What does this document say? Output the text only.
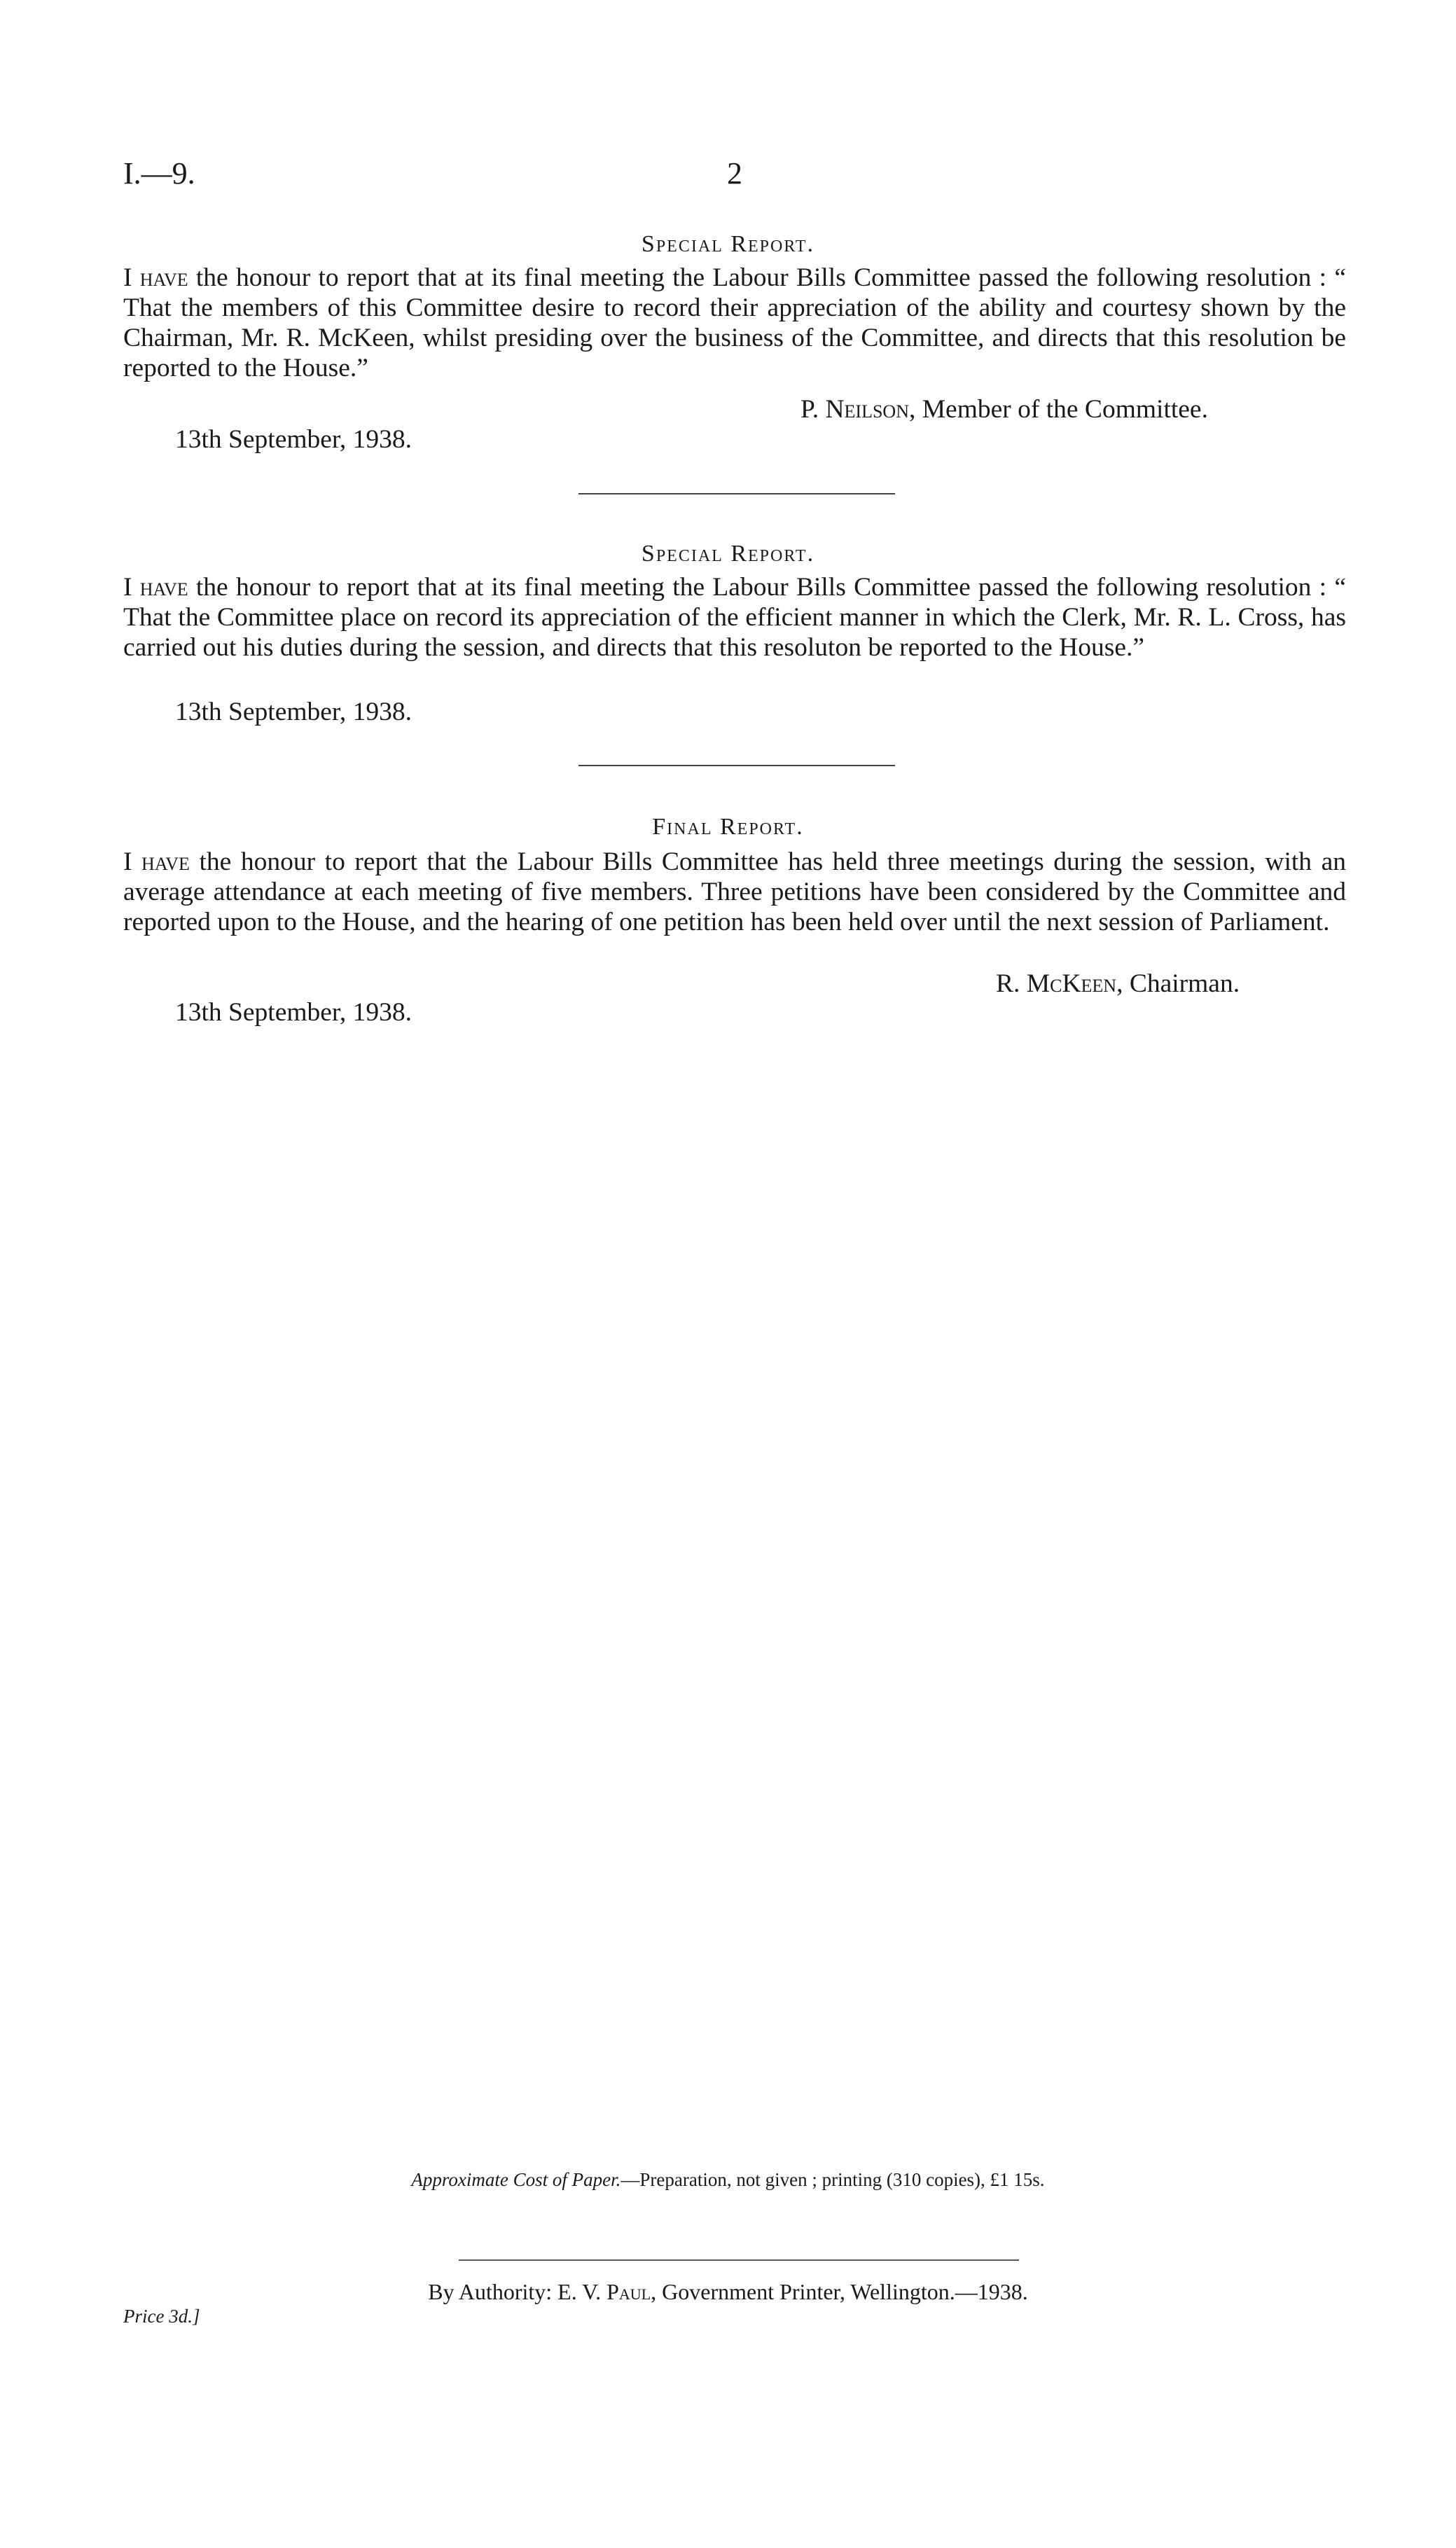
I.—9.	2
Special Report.
I have the honour to report that at its final meeting the Labour Bills Committee passed the following resolution : “ That the members of this Committee desire to record their appreciation of the ability and courtesy shown by the Chairman, Mr. R. McKeen, whilst presiding over the business of the Committee, and directs that this resolution be reported to the House.”
P. Neilson, Member of the Committee.
13th September, 1938.
Special Report.
I have the honour to report that at its final meeting the Labour Bills Committee passed the following resolution : “ That the Committee place on record its appreciation of the efficient manner in which the Clerk, Mr. R. L. Cross, has carried out his duties during the session, and directs that this resoluton be reported to the House.”
13th September, 1938.
Final Report.
I have the honour to report that the Labour Bills Committee has held three meetings during the session, with an average attendance at each meeting of five members. Three petitions have been considered by the Committee and reported upon to the House, and the hearing of one petition has been held over until the next session of Parliament.
R. McKeen, Chairman.
13th September, 1938.
Approximate Cost of Paper.—Preparation, not given ; printing (310 copies), £1 15s.
By Authority: E. V. Paul, Government Printer, Wellington.—1938.
Price 3d.]
